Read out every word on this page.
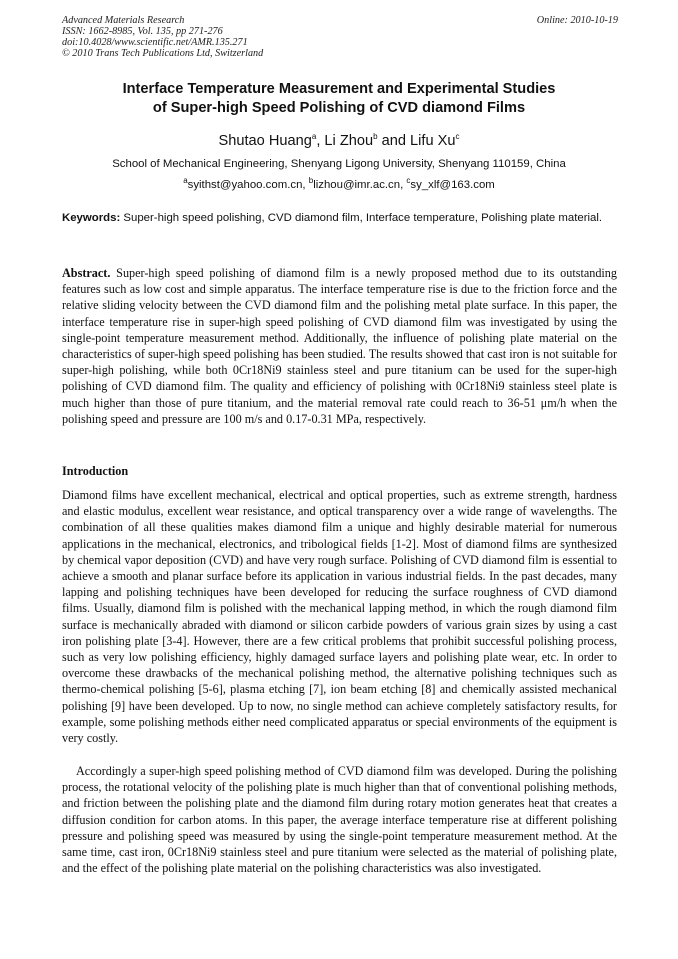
Advanced Materials Research
ISSN: 1662-8985, Vol. 135, pp 271-276
doi:10.4028/www.scientific.net/AMR.135.271
© 2010 Trans Tech Publications Ltd, Switzerland
Online: 2010-10-19
Interface Temperature Measurement and Experimental Studies
of Super-high Speed Polishing of CVD diamond Films
Shutao Huang$^a$, Li Zhou$^b$ and Lifu Xu$^c$
School of Mechanical Engineering, Shenyang Ligong University, Shenyang 110159, China
$^a$syithst@yahoo.com.cn, $^b$lizhou@imr.ac.cn, $^c$sy_xlf@163.com
Keywords: Super-high speed polishing, CVD diamond film, Interface temperature, Polishing plate material.
Abstract. Super-high speed polishing of diamond film is a newly proposed method due to its outstanding features such as low cost and simple apparatus. The interface temperature rise is due to the friction force and the relative sliding velocity between the CVD diamond film and the polishing metal plate surface. In this paper, the interface temperature rise in super-high speed polishing of CVD diamond film was investigated by using the single-point temperature measurement method. Additionally, the influence of polishing plate material on the characteristics of super-high speed polishing has been studied. The results showed that cast iron is not suitable for super-high polishing, while both 0Cr18Ni9 stainless steel and pure titanium can be used for the super-high polishing of CVD diamond film. The quality and efficiency of polishing with 0Cr18Ni9 stainless steel plate is much higher than those of pure titanium, and the material removal rate could reach to 36-51 μm/h when the polishing speed and pressure are 100 m/s and 0.17-0.31 MPa, respectively.
Introduction

Diamond films have excellent mechanical, electrical and optical properties, such as extreme strength, hardness and elastic modulus, excellent wear resistance, and optical transparency over a wide range of wavelengths. The combination of all these qualities makes diamond film a unique and highly desirable material for numerous applications in the mechanical, electronics, and tribological fields [1-2]. Most of diamond films are synthesized by chemical vapor deposition (CVD) and have very rough surface. Polishing of CVD diamond film is essential to achieve a smooth and planar surface before its application in various industrial fields. In the past decades, many lapping and polishing techniques have been developed for reducing the surface roughness of CVD diamond films. Usually, diamond film is polished with the mechanical lapping method, in which the rough diamond film surface is mechanically abraded with diamond or silicon carbide powders of various grain sizes by using a cast iron polishing plate [3-4]. However, there are a few critical problems that prohibit successful polishing process, such as very low polishing efficiency, highly damaged surface layers and polishing plate wear, etc. In order to overcome these drawbacks of the mechanical polishing method, the alternative polishing techniques such as thermo-chemical polishing [5-6], plasma etching [7], ion beam etching [8] and chemically assisted mechanical polishing [9] have been developed. Up to now, no single method can achieve completely satisfactory results, for example, some polishing methods either need complicated apparatus or special environments of the equipment is very costly.

Accordingly a super-high speed polishing method of CVD diamond film was developed. During the polishing process, the rotational velocity of the polishing plate is much higher than that of conventional polishing methods, and friction between the polishing plate and the diamond film during rotary motion generates heat that creates a diffusion condition for carbon atoms. In this paper, the average interface temperature rise at different polishing pressure and polishing speed was measured by using the single-point temperature measurement method. At the same time, cast iron, 0Cr18Ni9 stainless steel and pure titanium were selected as the material of polishing plate, and the effect of the polishing plate material on the polishing characteristics was also investigated.
